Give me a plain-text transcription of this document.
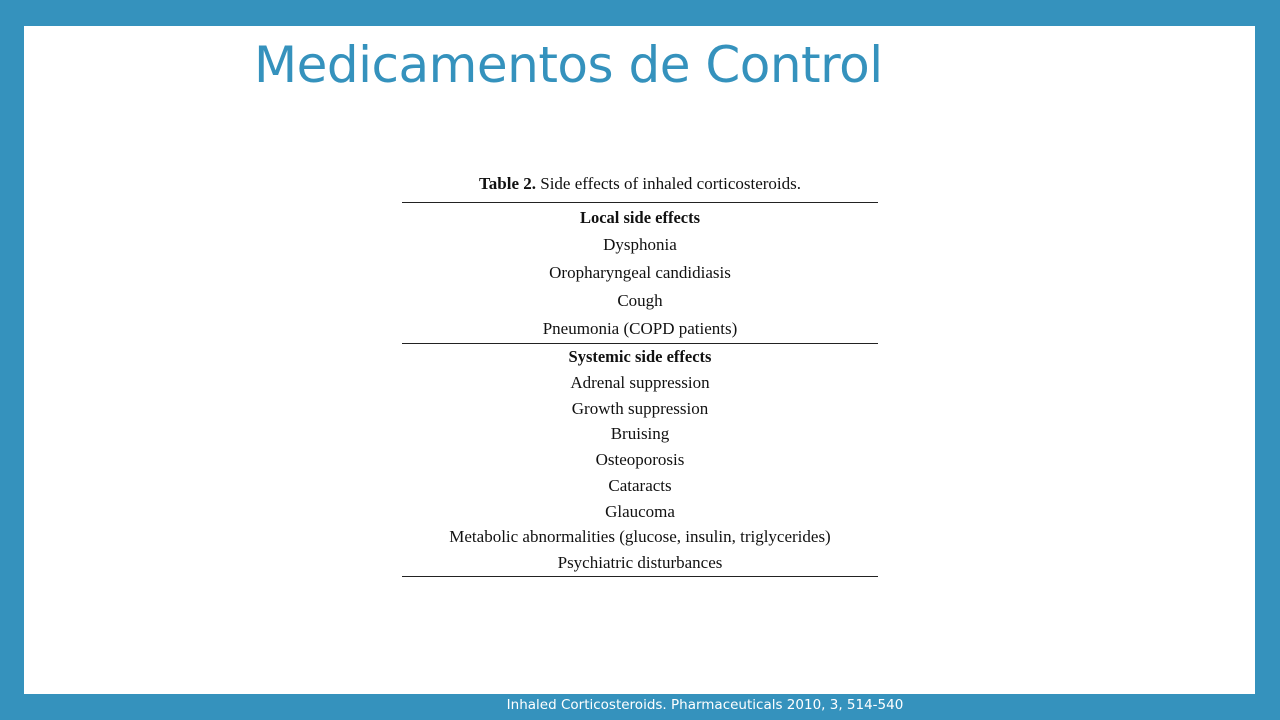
Medicamentos de Control
Table 2. Side effects of inhaled corticosteroids.
Local side effects
Dysphonia
Oropharyngeal candidiasis
Cough
Pneumonia (COPD patients)
Systemic side effects
Adrenal suppression
Growth suppression
Bruising
Osteoporosis
Cataracts
Glaucoma
Metabolic abnormalities (glucose, insulin, triglycerides)
Psychiatric disturbances
Inhaled Corticosteroids. Pharmaceuticals 2010, 3, 514-540
